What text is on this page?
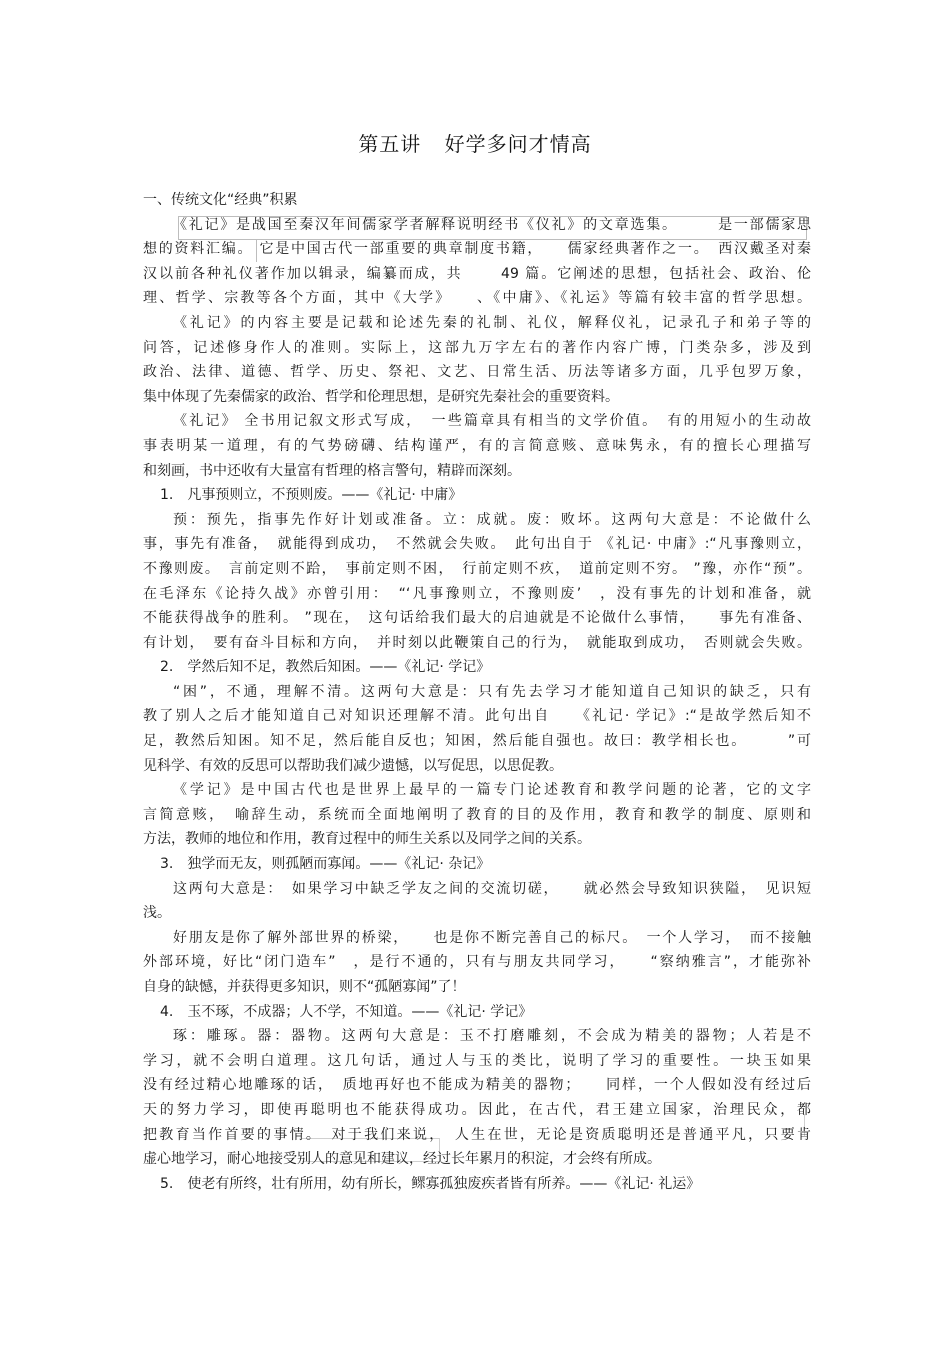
第五讲 好学多问才情高
一、传统文化“经典”积累
《礼记》是战国至秦汉年间儒家学者解释说明经书《仪礼》的文章选集。　　　是一部儒家思
想的资料汇编。 它是中国古代一部重要的典章制度书籍，　　儒家经典著作之一。　西汉戴圣对秦
汉以前各种礼仪著作加以辑录，编纂而成，共　　 49 篇。它阐述的思想，包括社会、政治、伦
理、哲学、宗教等各个方面，其中《大学》　　、《中庸》、《礼运》等篇有较丰富的哲学思想。
《礼记》的内容主要是记载和论述先秦的礼制、礼仪，解释仪礼，记录孔子和弟子等的
问答，记述修身作人的准则。实际上，这部九万字左右的著作内容广博，门类杂多，涉及到
政治、法律、道德、哲学、历史、祭祀、文艺、日常生活、历法等诸多方面，几乎包罗万象，
集中体现了先秦儒家的政治、哲学和伦理思想，是研究先秦社会的重要资料。
《礼记》 全书用记叙文形式写成，　一些篇章具有相当的文学价值。　有的用短小的生动故
事表明某一道理，有的气势磅礴、结构谨严，有的言简意赅、意味隽永，有的擅长心理描写
和刻画，书中还收有大量富有哲理的格言警句，精辟而深刻。
1.　凡事预则立，不预则废。——《礼记· 中庸》
预：预先，指事先作好计划或准备。立：成就。废：败坏。这两句大意是：不论做什么
事，事先有准备，　就能得到成功，　不然就会失败。　此句出自于 《礼记· 中庸》:“凡事豫则立，
不豫则废。　言前定则不跲，　事前定则不困，　行前定则不疚，　道前定则不穷。 ”豫，亦作“预”。
在毛泽东《论持久战》亦曾引用：　“‘凡事豫则立，不豫则废’　，没有事先的计划和准备，就
不能获得战争的胜利。 ”现在，　这句话给我们最大的启迪就是不论做什么事情，　　事先有准备、
有计划，　要有奋斗目标和方向，　并时刻以此鞭策自己的行为，　就能取到成功，　否则就会失败。
2.　学然后知不足，教然后知困。——《礼记· 学记》
“困”，不通，理解不清。这两句大意是：只有先去学习才能知道自己知识的缺乏，只有
教了别人之后才能知道自己对知识还理解不清。此句出自　　《礼记· 学记》:“是故学然后知不
足，教然后知困。知不足，然后能自反也；知困，然后能自强也。故曰：教学相长也。　　　”可
见科学、有效的反思可以帮助我们减少遗憾，以写促思，以思促教。
《学记》是中国古代也是世界上最早的一篇专门论述教育和教学问题的论著，它的文字
言简意赅，　喻辞生动，系统而全面地阐明了教育的目的及作用，教育和教学的制度、原则和
方法，教师的地位和作用，教育过程中的师生关系以及同学之间的关系。
3.　独学而无友，则孤陋而寡闻。——《礼记· 杂记》
这两句大意是：　如果学习中缺乏学友之间的交流切磋，　　就必然会导致知识狭隘，　见识短
浅。
好朋友是你了解外部世界的桥梁，　　也是你不断完善自己的标尺。　一个人学习，　而不接触
外部环境，好比“闭门造车”　，是行不通的，只有与朋友共同学习，　　“察纳雅言”，才能弥补
自身的缺憾，并获得更多知识，则不“孤陋寡闻”了！
4.　玉不琢，不成器；人不学，不知道。——《礼记· 学记》
琢：雕琢。器：器物。这两句大意是：玉不打磨雕刻，不会成为精美的器物；人若是不
学习，就不会明白道理。这几句话，通过人与玉的类比，说明了学习的重要性。一块玉如果
没有经过精心地雕琢的话，　质地再好也不能成为精美的器物；　　同样，一个人假如没有经过后
天的努力学习，即使再聪明也不能获得成功。因此，在古代，君王建立国家，治理民众，都
把教育当作首要的事情。　对于我们来说，　人生在世，无论是资质聪明还是普通平凡，只要肯
虚心地学习，耐心地接受别人的意见和建议，经过长年累月的积淀，才会终有所成。
5.　使老有所终，壮有所用，幼有所长，鳏寡孤独废疾者皆有所养。——《礼记· 礼运》
